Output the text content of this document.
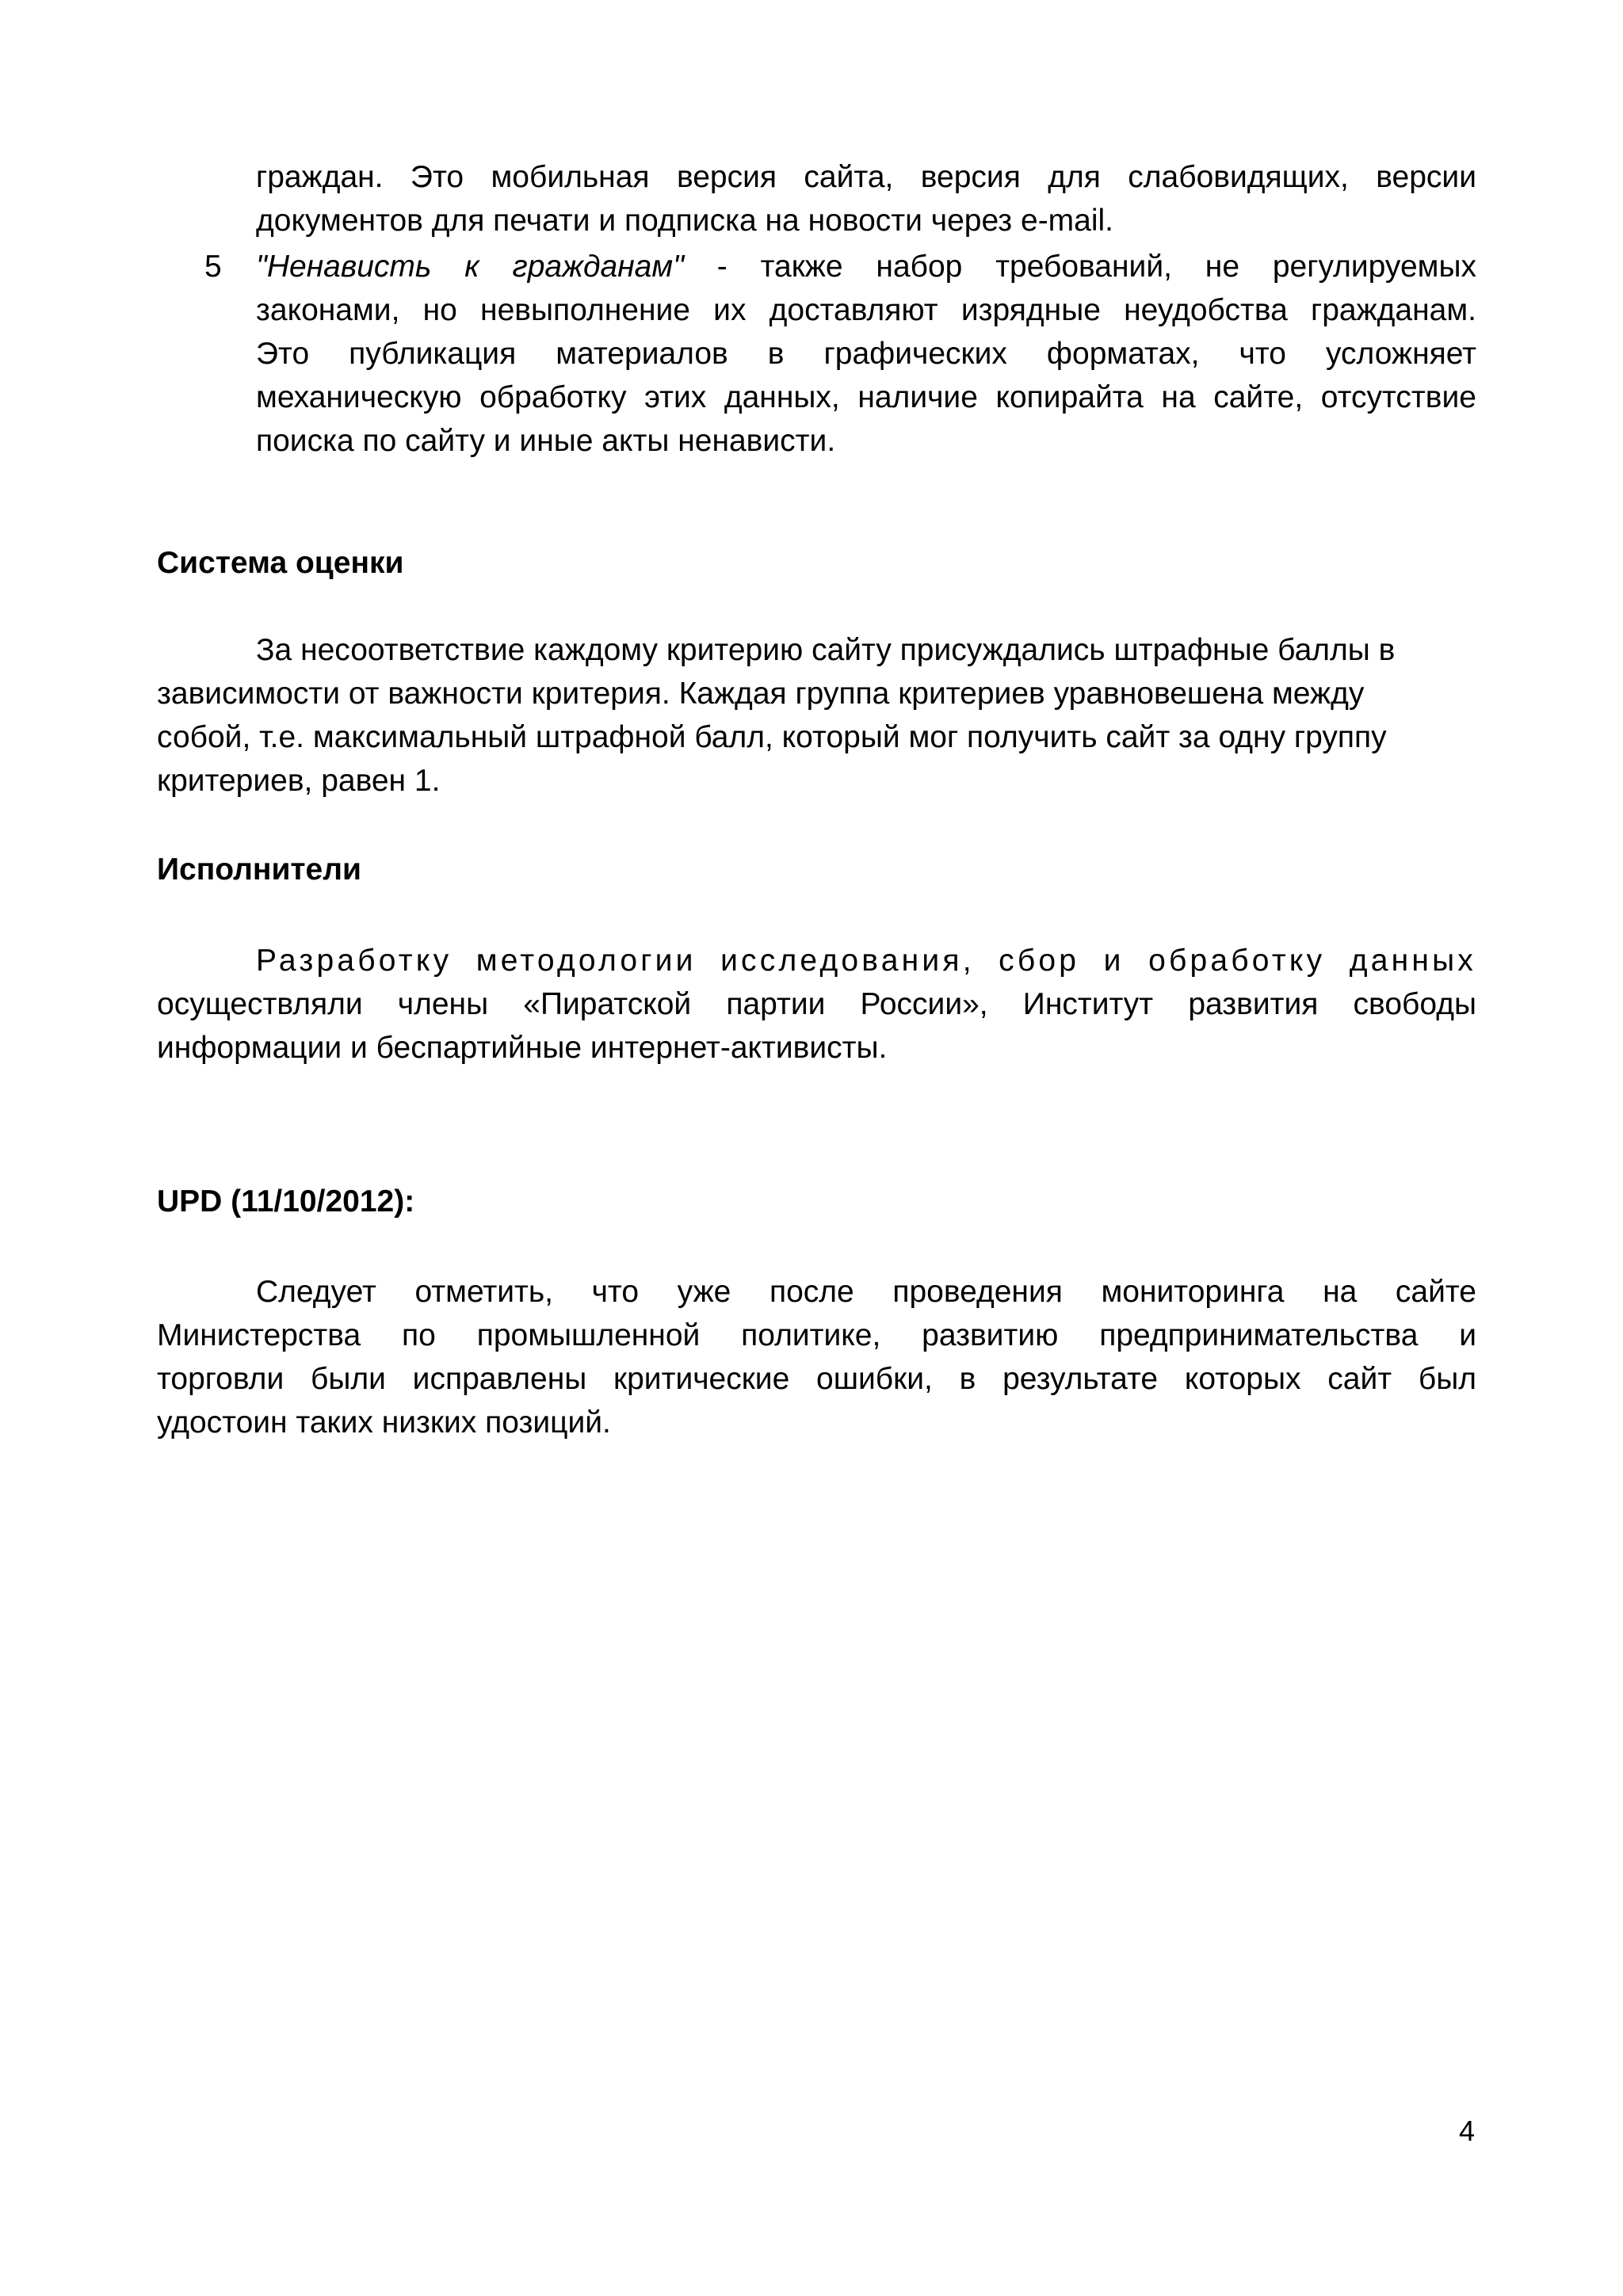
граждан. Это мобильная версия сайта, версия для слабовидящих, версии
документов для печати и подписка на новости через e-mail.
5 "Ненависть к гражданам" - также набор требований, не регулируемых
законами, но невыполнение их доставляют изрядные неудобства гражданам.
Это публикация материалов в графических форматах, что усложняет
механическую обработку этих данных, наличие копирайта на сайте, отсутствие
поиска по сайту и иные акты ненависти.
Система оценки
За несоответствие каждому критерию сайту присуждались штрафные баллы в
зависимости от важности критерия. Каждая группа критериев уравновешена между
собой, т.е. максимальный штрафной балл, который мог получить сайт за одну группу
критериев, равен 1.
Исполнители
Разработку методологии исследования, сбор и обработку данных
осуществляли члены «Пиратской партии России», Институт развития свободы
информации и беспартийные интернет-активисты.
UPD (11/10/2012):
Следует отметить, что уже после проведения мониторинга на сайте
Министерства по промышленной политике, развитию предпринимательства и
торговли были исправлены критические ошибки, в результате которых сайт был
удостоин таких низких позиций.
4
